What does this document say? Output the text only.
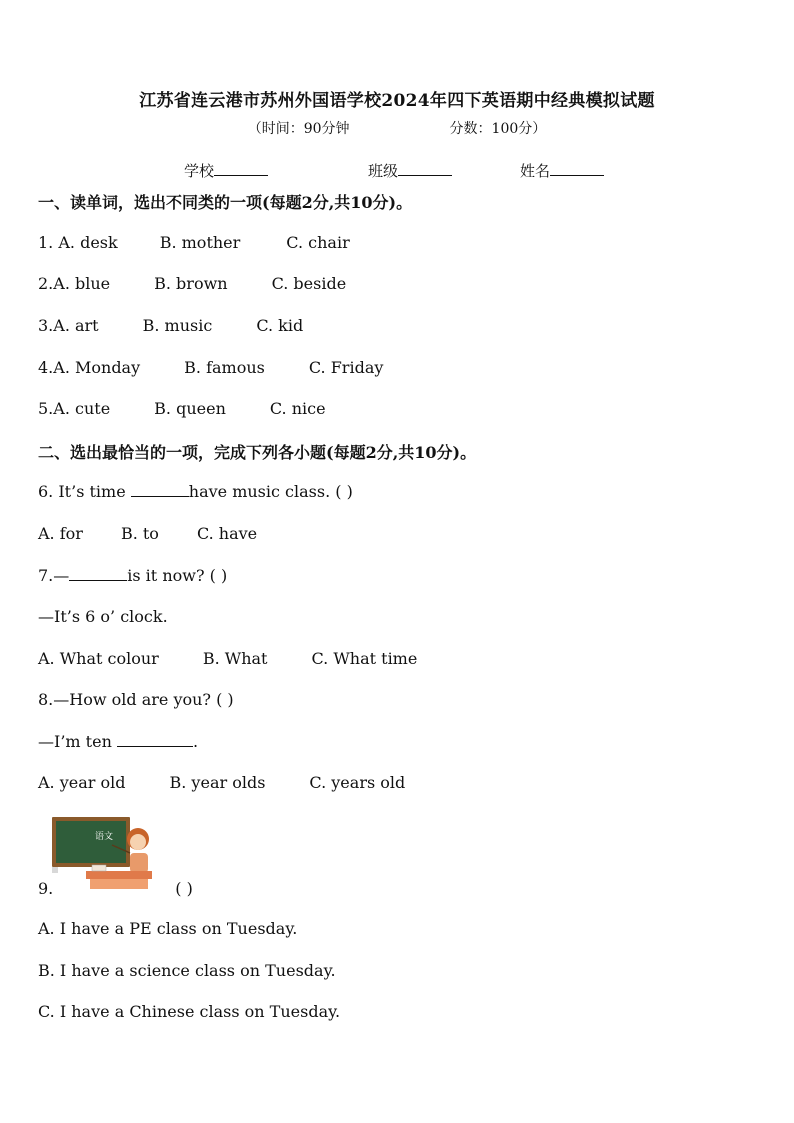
江苏省连云港市苏州外国语学校2024年四下英语期中经典模拟试题
（时间：90分钟	分数：100分）
学校	班级	姓名
一、读单词，选出不同类的一项(每题2分,共10分)。
1. A. desk	B. mother	C. chair
2.A. blue	B. brown	C. beside
3.A. art	B. music	C. kid
4.A. Monday	B. famous	C. Friday
5.A. cute	B. queen	C. nice
二、选出最恰当的一项，完成下列各小题(每题2分,共10分)。
6. It’s time	have music class. ( )
A. for B. to C. have
7.—	is it now? ( )
—It’s 6 o’ clock.
A. What colour	B. What	C. What time
8.—How old are you? ( )
—I’m ten	.
A. year old	B. year olds	C. years old
语文
9.	( )
A. I have a PE class on Tuesday.
B. I have a science class on Tuesday.
C. I have a Chinese class on Tuesday.
